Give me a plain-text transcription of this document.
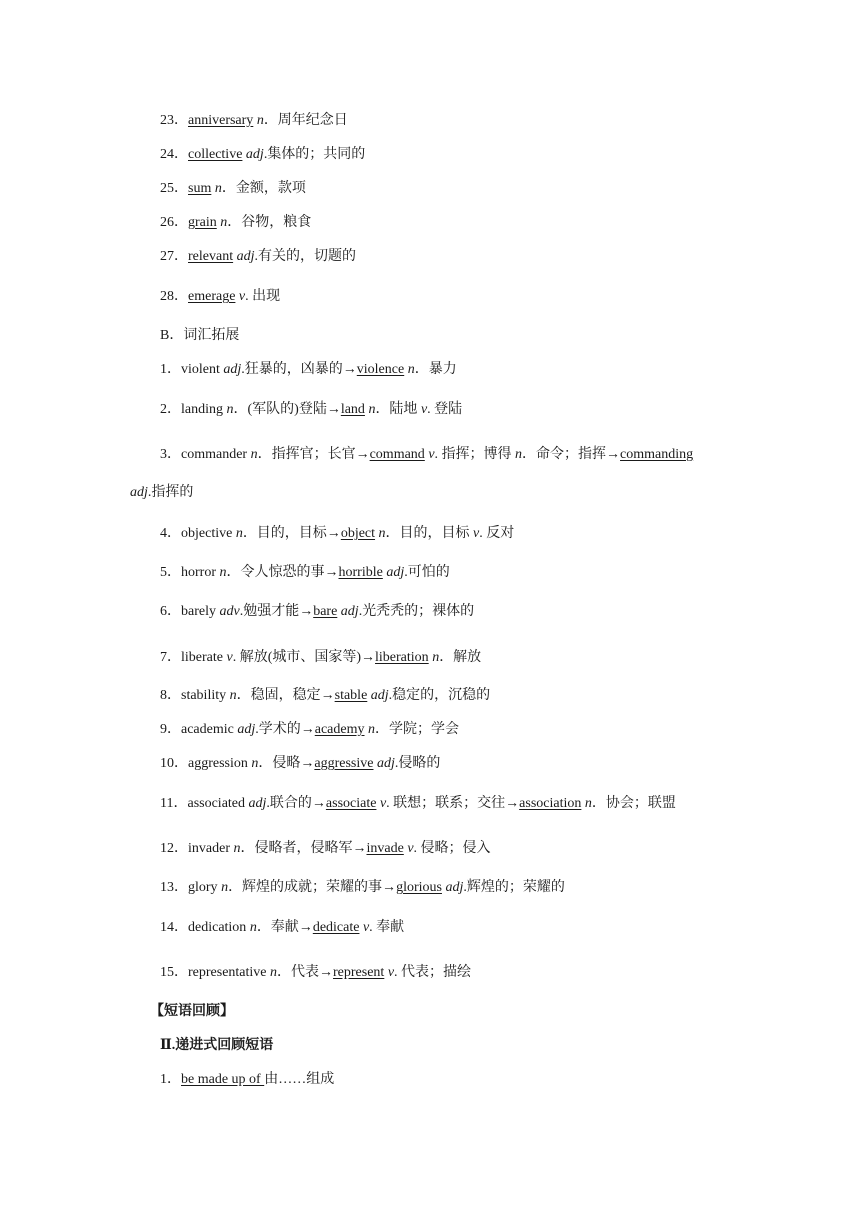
23．anniversary n．周年纪念日
24．collective adj.集体的；共同的
25．sum n．金额，款项
26．grain n．谷物，粮食
27．relevant adj.有关的，切题的
28．emerage v. 出现
B．词汇拓展
1．violent adj.狂暴的，凶暴的→violence n．暴力
2．landing n．(军队的)登陆→land n．陆地 v. 登陆
3．commander n．指挥官；长官→command v. 指挥；博得 n．命令；指挥→commanding
adj.指挥的
4．objective n．目的，目标→object n．目的，目标 v. 反对
5．horror n．令人惊恐的事→horrible adj.可怕的
6．barely adv.勉强才能→bare adj.光秃秃的；裸体的
7．liberate v. 解放(城市、国家等)→liberation n．解放
8．stability n．稳固，稳定→stable adj.稳定的，沉稳的
9．academic adj.学术的→academy n．学院；学会
10．aggression n．侵略→aggressive adj.侵略的
11．associated adj.联合的→associate v. 联想；联系；交往→association n．协会；联盟
12．invader n．侵略者，侵略军→invade v. 侵略；侵入
13．glory n．辉煌的成就；荣耀的事→glorious adj.辉煌的；荣耀的
14．dedication n．奉献→dedicate v. 奉献
15．representative n．代表→represent v. 代表；描绘
【短语回顾】
Ⅱ.递进式回顾短语
1．be made up of 由……组成
